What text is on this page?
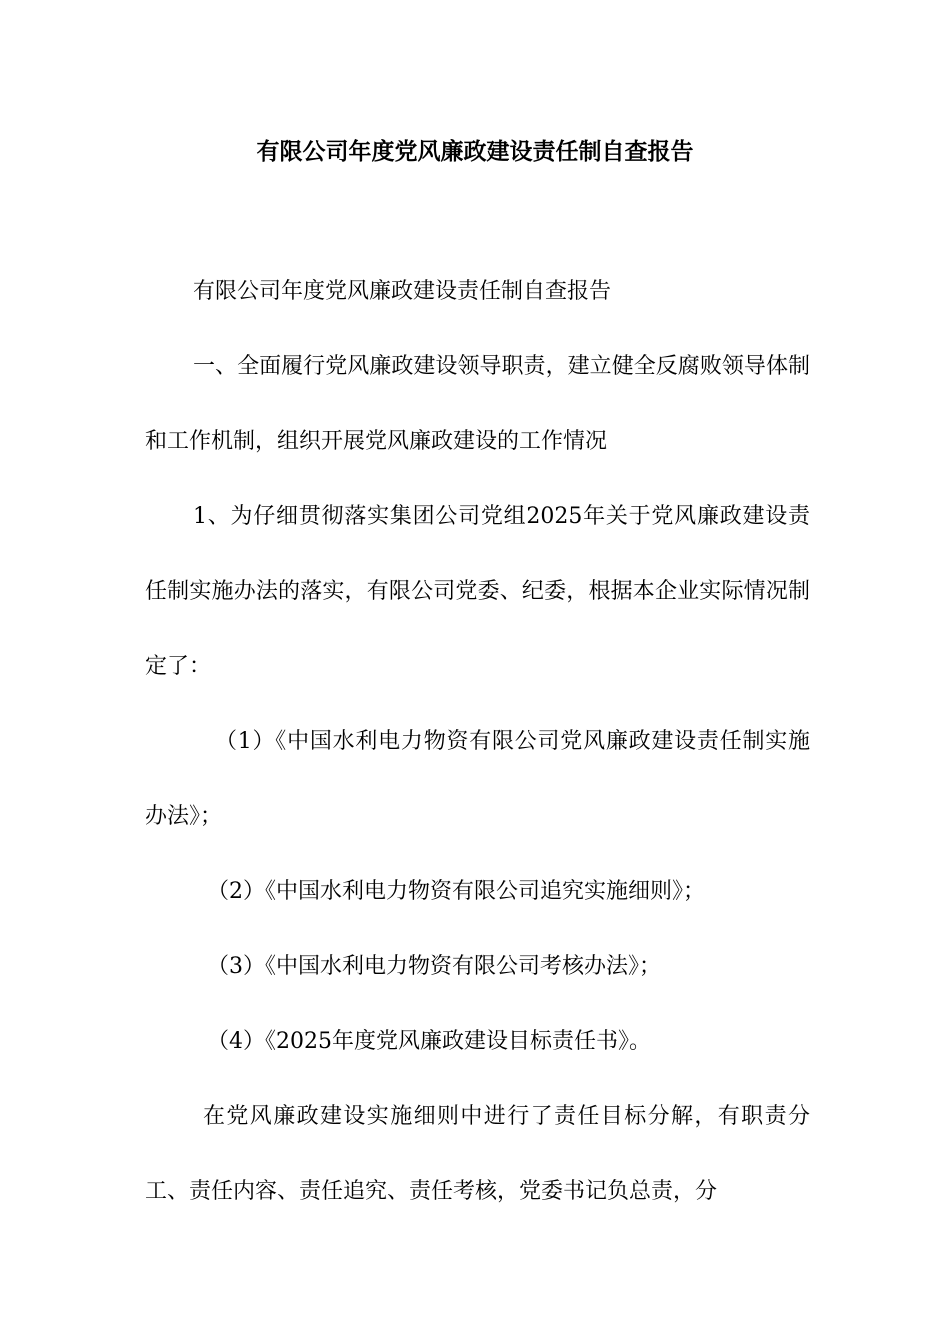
有限公司年度党风廉政建设责任制自查报告

有限公司年度党风廉政建设责任制自查报告

一、全面履行党风廉政建设领导职责，建立健全反腐败领导体制和工作机制，组织开展党风廉政建设的工作情况

1、为仔细贯彻落实集团公司党组2025年关于党风廉政建设责任制实施办法的落实，有限公司党委、纪委，根据本企业实际情况制定了：

（1）《中国水利电力物资有限公司党风廉政建设责任制实施办法》；

（2）《中国水利电力物资有限公司追究实施细则》；

（3）《中国水利电力物资有限公司考核办法》；

（4）《2025年度党风廉政建设目标责任书》。

在党风廉政建设实施细则中进行了责任目标分解，有职责分工、责任内容、责任追究、责任考核，党委书记负总责，分
